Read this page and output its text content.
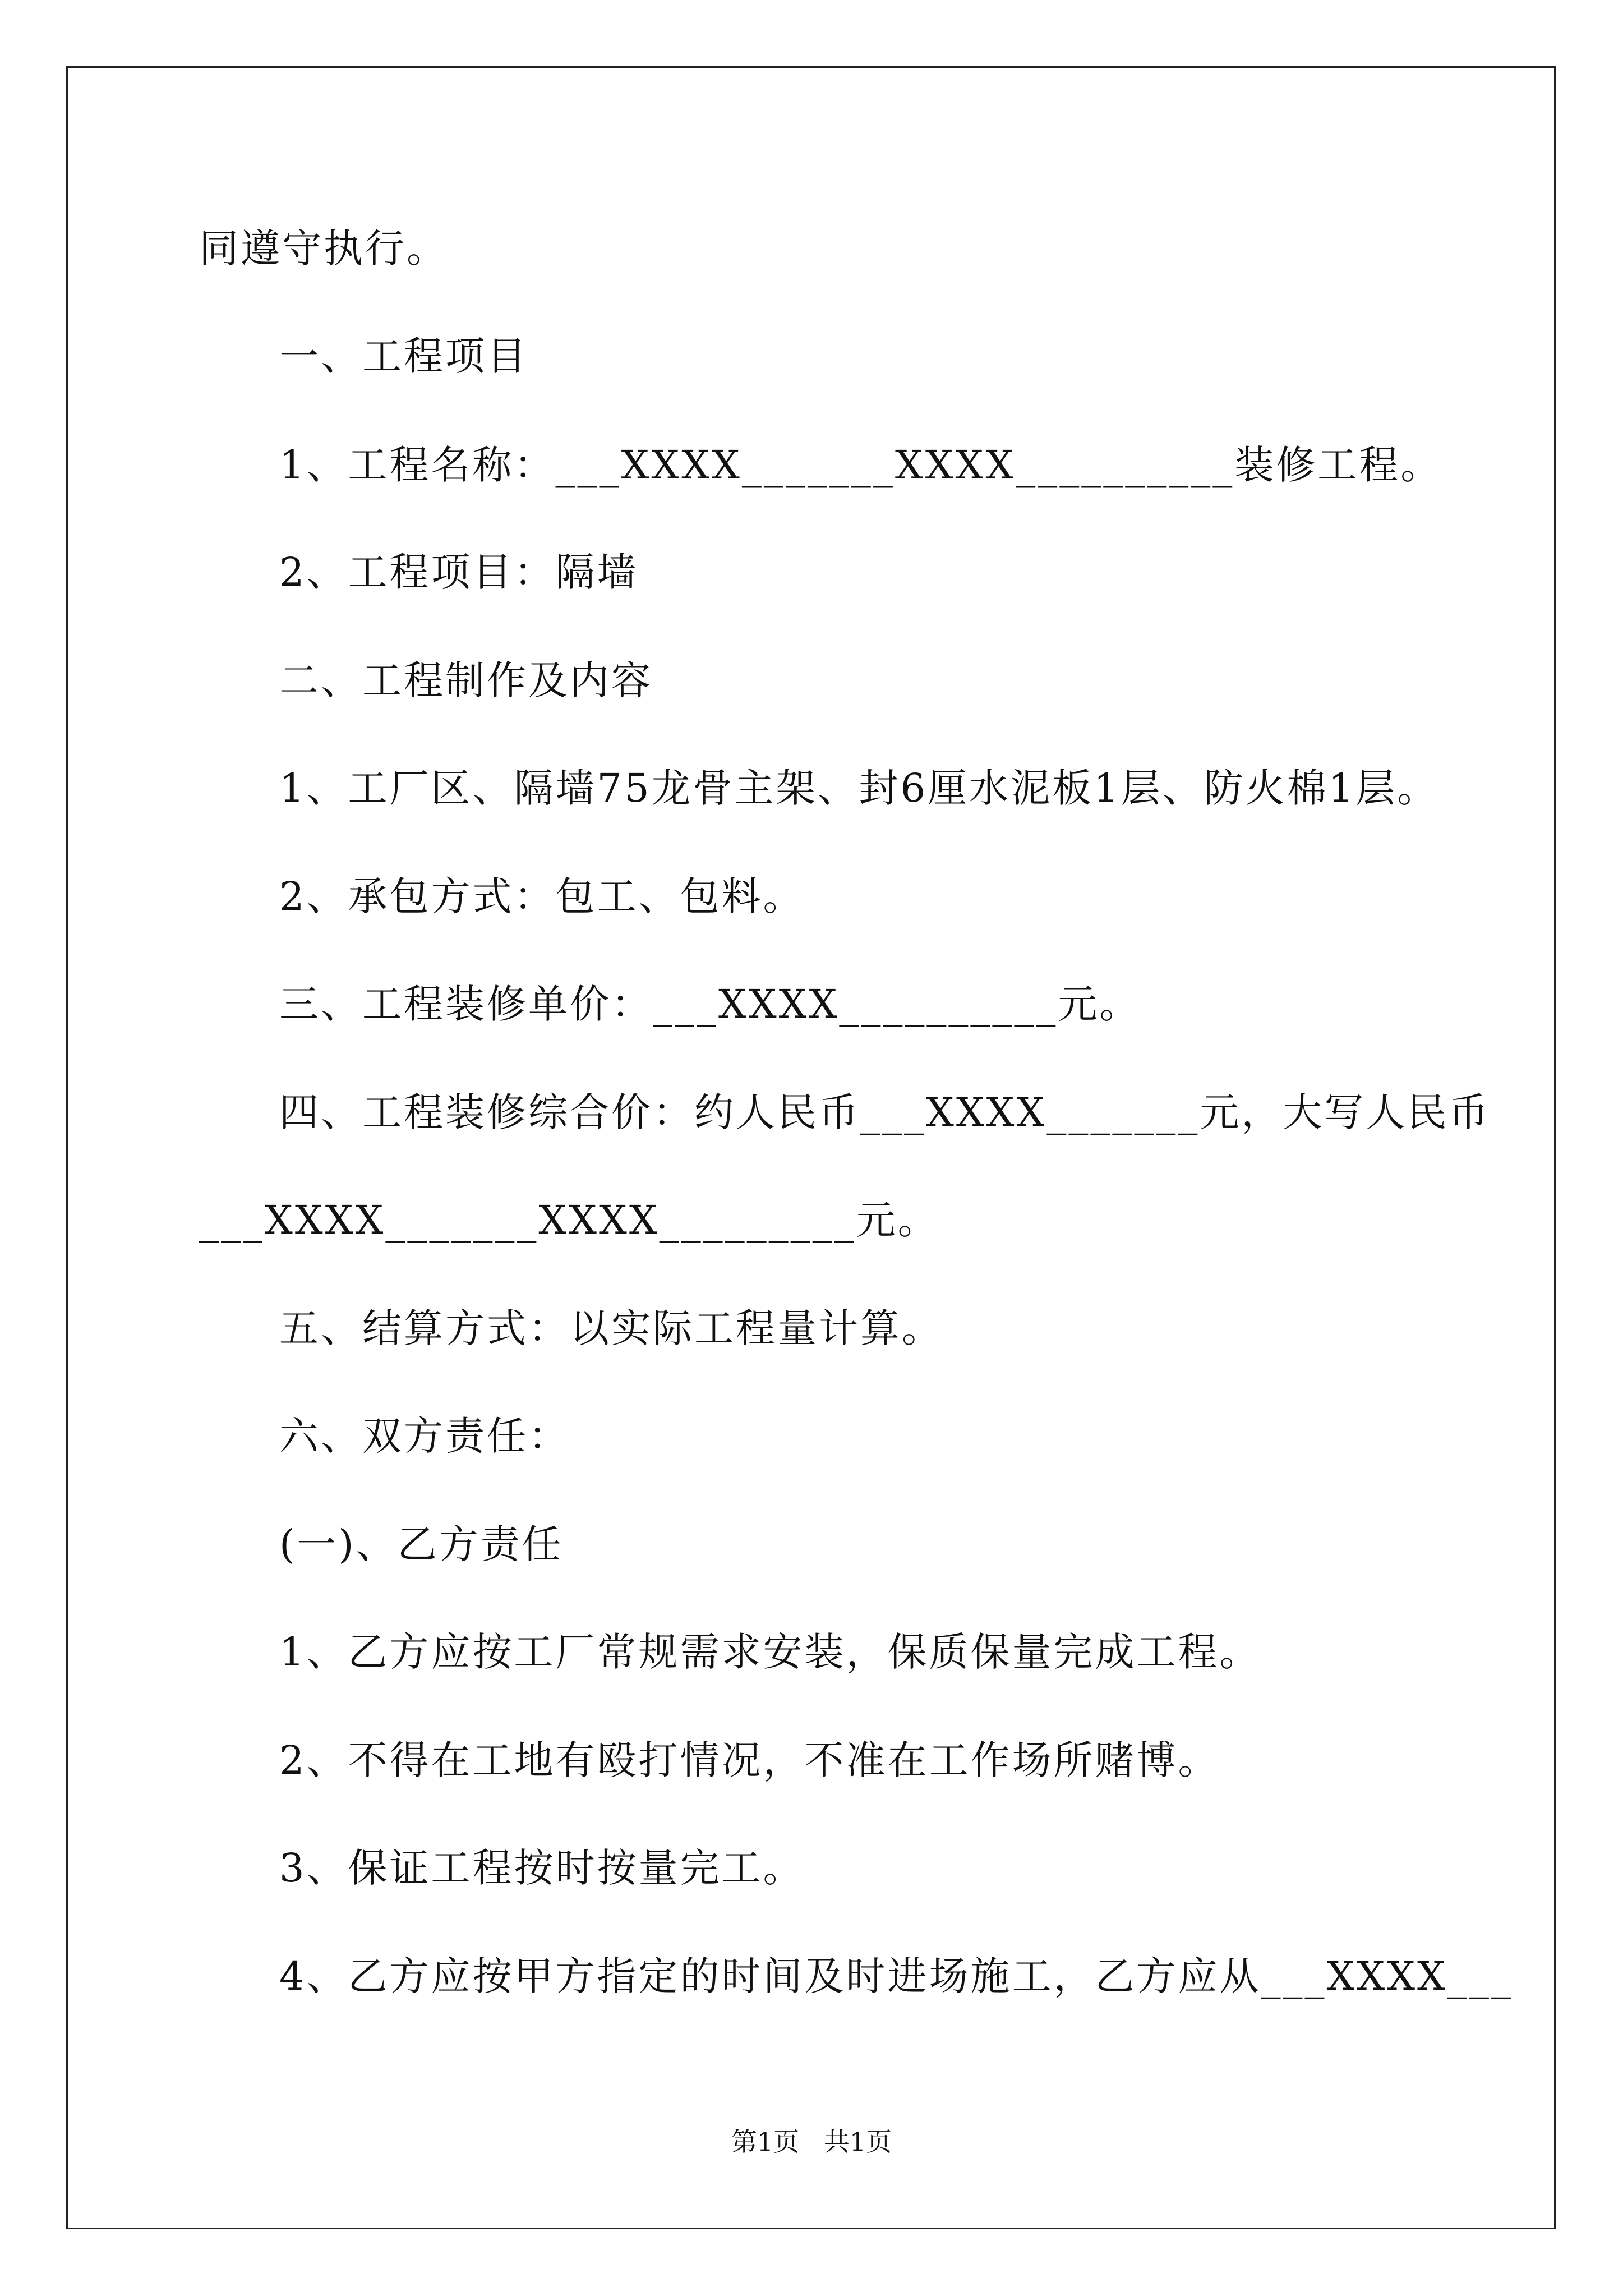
同遵守执行。
一、工程项目
1、工程名称：___XXXX_______XXXX__________装修工程。
2、工程项目：隔墙
二、工程制作及内容
1、工厂区、隔墙75龙骨主架、封6厘水泥板1层、防火棉1层。
2、承包方式：包工、包料。
三、工程装修单价：___XXXX__________元。
四、工程装修综合价：约人民币___XXXX_______元，大写人民币
___XXXX_______XXXX_________元。
五、结算方式：以实际工程量计算。
六、双方责任：
(一)、乙方责任
1、乙方应按工厂常规需求安装，保质保量完成工程。
2、不得在工地有殴打情况，不准在工作场所赌博。
3、保证工程按时按量完工。
4、乙方应按甲方指定的时间及时进场施工，乙方应从___XXXX___
第1页   共1页
